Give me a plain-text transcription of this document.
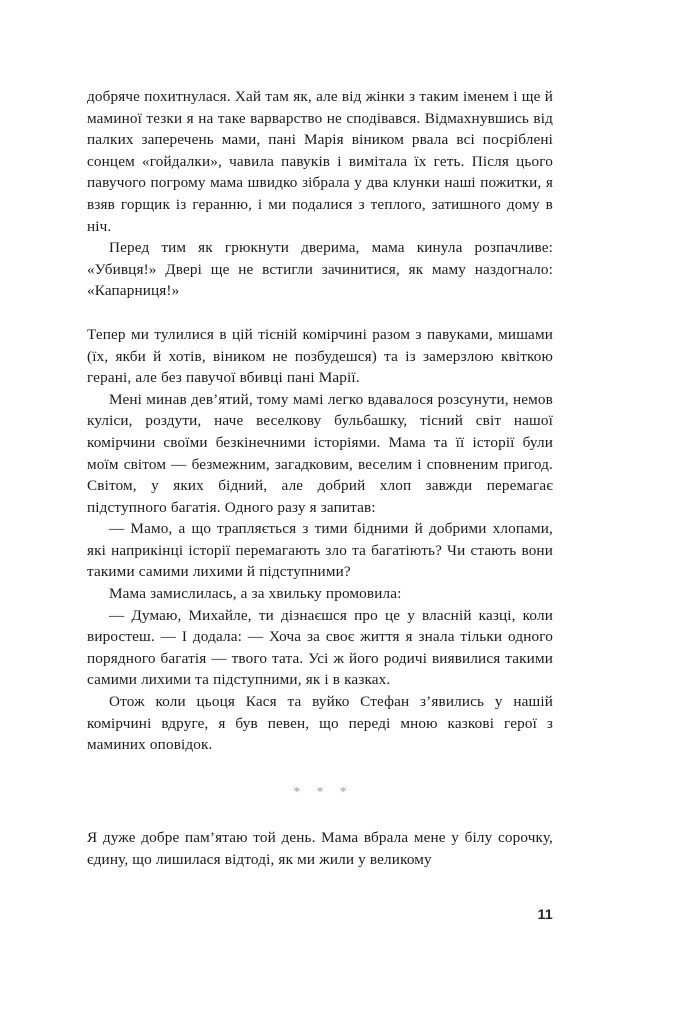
добряче похитнулася. Хай там як, але від жінки з таким іменем і ще й маминої тезки я на таке варварство не сподівався. Відмахнувшись від палких заперечень мами, пані Марія віником рвала всі посріблені сонцем «гойдалки», чавила павуків і вимітала їх геть. Після цього павучого погрому мама швидко зібрала у два клунки наші пожитки, я взяв горщик із геранню, і ми подалися з теплого, затишного дому в ніч.

Перед тим як грюкнути дверима, мама кинула розпачливе: «Убивця!» Двері ще не встигли зачинитися, як маму наздогнало: «Капарниця!»

Тепер ми тулилися в цій тісній комірчині разом з павуками, мишами (їх, якби й хотів, віником не позбудешся) та із замерзлою квіткою герані, але без павучої вбивці пані Марії.

Мені минав дев’ятий, тому мамі легко вдавалося розсунути, немов куліси, роздути, наче веселкову бульбашку, тісний світ нашої комірчини своїми безкінечними історіями. Мама та її історії були моїм світом — безмежним, загадковим, веселим і сповненим пригод. Світом, у яких бідний, але добрий хлоп завжди перемагає підступного багатія. Одного разу я запитав:

— Мамо, а що трапляється з тими бідними й добрими хлопами, які наприкінці історії перемагають зло та багатіють? Чи стають вони такими самими лихими й підступними?

Мама замислилась, а за хвильку промовила:

— Думаю, Михайле, ти дізнаєшся про це у власній казці, коли виростеш. — І додала: — Хоча за своє життя я знала тільки одного порядного багатія — твого тата. Усі ж його родичі виявилися такими самими лихими та підступними, як і в казках.

Отож коли цьоця Кася та вуйко Стефан з’явились у нашій комірчині вдруге, я був певен, що переді мною казкові герої з маминих оповідок.

* * *

Я дуже добре пам’ятаю той день. Мама вбрала мене у білу сорочку, єдину, що лишилася відтоді, як ми жили у великому

11
